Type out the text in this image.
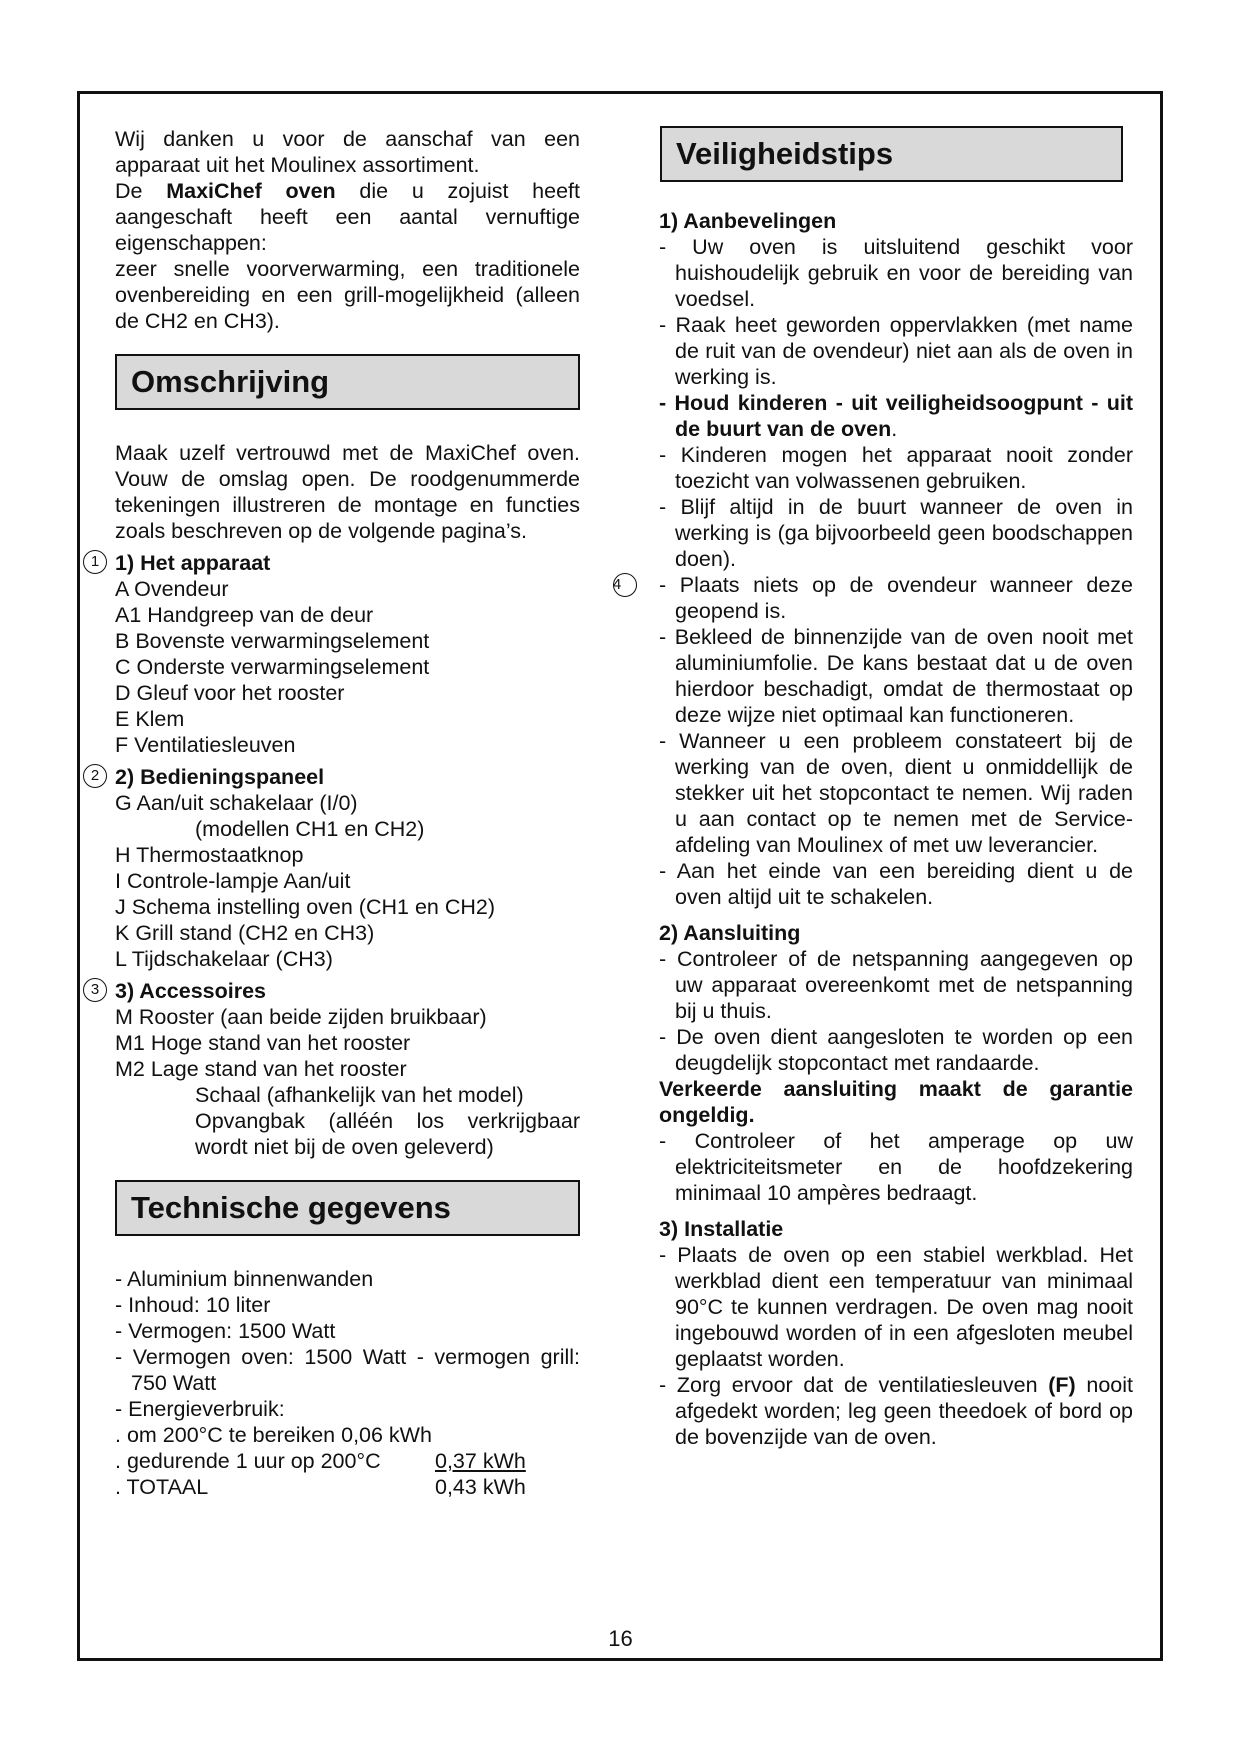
Wij danken u voor de aanschaf van een apparaat uit het Moulinex assortiment.

De MaxiChef oven die u zojuist heeft aangeschaft heeft een aantal vernuftige eigenschappen:

zeer snelle voorverwarming, een traditionele ovenbereiding en een grill-mogelijkheid (alleen de CH2 en CH3).

Omschrijving

Maak uzelf vertrouwd met de MaxiChef oven. Vouw de omslag open. De roodgenummerde tekeningen illustreren de montage en functies zoals beschreven op de volgende pagina’s.

1 1) Het apparaat

A Ovendeur

A1 Handgreep van de deur

B Bovenste verwarmingselement

C Onderste verwarmingselement

D Gleuf voor het rooster

E Klem

F Ventilatiesleuven

2 2) Bedieningspaneel

G Aan/uit schakelaar (I/0)

(modellen CH1 en CH2)

H Thermostaatknop

I Controle-lampje Aan/uit

J Schema instelling oven (CH1 en CH2)

K Grill stand (CH2 en CH3)

L Tijdschakelaar (CH3)

3 3) Accessoires

M Rooster (aan beide zijden bruikbaar)

M1 Hoge stand van het rooster

M2 Lage stand van het rooster

Schaal (afhankelijk van het model)

Opvangbak (alléén los verkrijgbaar wordt niet bij de oven geleverd)

Technische gegevens

- Aluminium binnenwanden

- Inhoud: 10 liter

- Vermogen: 1500 Watt

- Vermogen oven: 1500 Watt - vermogen grill: 750 Watt

- Energieverbruik:

. om 200°C te bereiken 0,06 kWh

. gedurende 1 uur op 200°C	0,37 kWh
. TOTAAL	0,43 kWh
Veiligheidstips
1) Aanbevelingen

- Uw oven is uitsluitend geschikt voor huishoudelijk gebruik en voor de bereiding van voedsel.

- Raak heet geworden oppervlakken (met name de ruit van de ovendeur) niet aan als de oven in werking is.

- Houd kinderen - uit veiligheidsoogpunt - uit de buurt van de oven.

- Kinderen mogen het apparaat nooit zonder toezicht van volwassenen gebruiken.

- Blijf altijd in de buurt wanneer de oven in werking is (ga bijvoorbeeld geen boodschappen doen).

4	- Plaats niets op de ovendeur wanneer deze geopend is.

- Bekleed de binnenzijde van de oven nooit met aluminiumfolie. De kans bestaat dat u de oven hierdoor beschadigt, omdat de thermostaat op deze wijze niet optimaal kan functioneren.

- Wanneer u een probleem constateert bij de werking van de oven, dient u onmiddellijk de stekker uit het stopcontact te nemen. Wij raden u aan contact op te nemen met de Service-afdeling van Moulinex of met uw leverancier.

- Aan het einde van een bereiding dient u de oven altijd uit te schakelen.

2) Aansluiting

- Controleer of de netspanning aangegeven op uw apparaat overeenkomt met de netspanning bij u thuis.

- De oven dient aangesloten te worden op een deugdelijk stopcontact met randaarde.

Verkeerde aansluiting maakt de garantie ongeldig.

- Controleer of het amperage op uw elektriciteitsmeter en de hoofdzekering minimaal 10 ampères bedraagt.

3) Installatie

- Plaats de oven op een stabiel werkblad. Het werkblad dient een temperatuur van minimaal 90°C te kunnen verdragen. De oven mag nooit ingebouwd worden of in een afgesloten meubel geplaatst worden.

- Zorg ervoor dat de ventilatiesleuven (F) nooit afgedekt worden; leg geen theedoek of bord op de bovenzijde van de oven.

16
